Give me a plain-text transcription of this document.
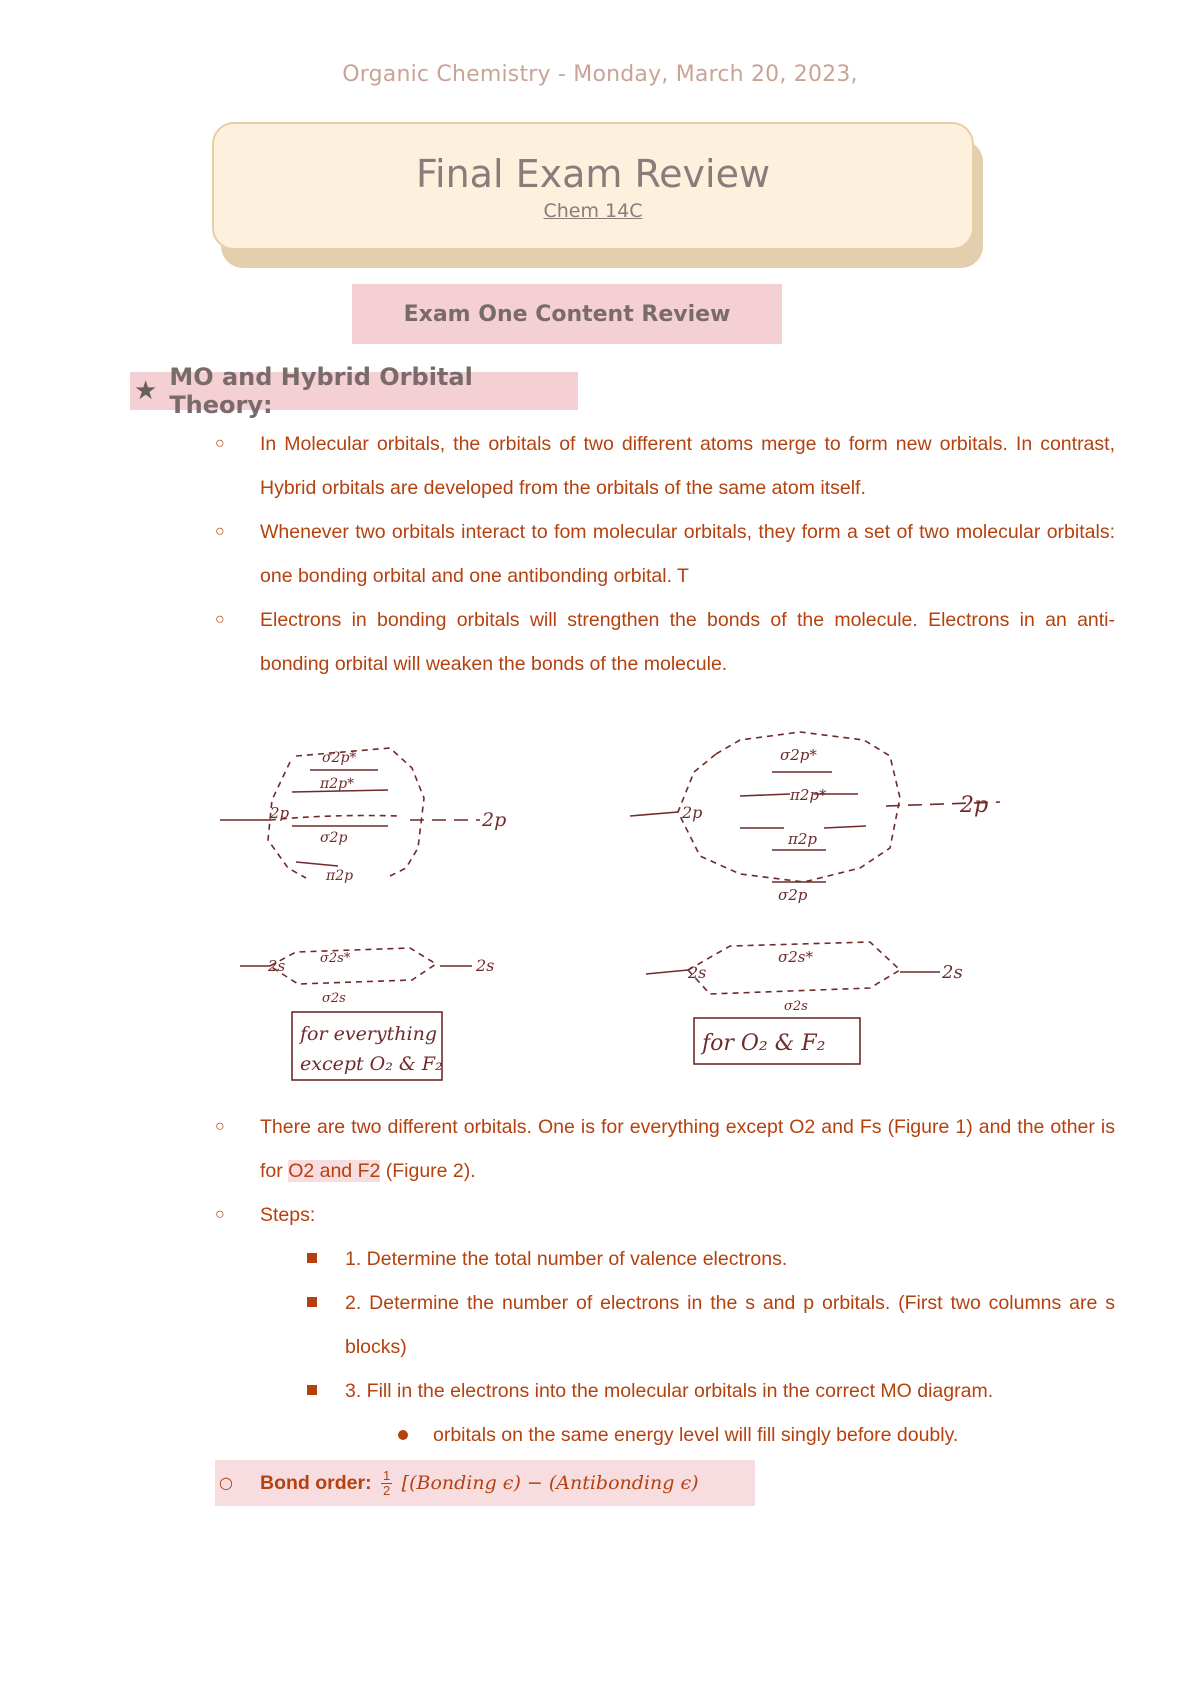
Organic Chemistry - Monday, March 20, 2023,
Final Exam Review
Chem 14C
Exam One Content Review
★ MO and Hybrid Orbital Theory:
○ In Molecular orbitals, the orbitals of two different atoms merge to form new orbitals. In contrast, Hybrid orbitals are developed from the orbitals of the same atom itself.
○ Whenever two orbitals interact to fom molecular orbitals, they form a set of two molecular orbitals: one bonding orbital and one antibonding orbital. T
○ Electrons in bonding orbitals will strengthen the bonds of the molecule. Electrons in an anti-bonding orbital will weaken the bonds of the molecule.
σ2p*
π2p*
σ2p
π2p
2p	2p
σ2s*
σ2s
2s	2s
for everything
except O₂ & F₂
σ2p*
π2p*
π2p
σ2p
2p	2p
σ2s*
σ2s
2s	2s
for O₂ & F₂
○ There are two different orbitals. One is for everything except O2 and Fs (Figure 1) and the other is for O2 and F2 (Figure 2).
○ Steps:
1. Determine the total number of valence electrons.
2. Determine the number of electrons in the s and p orbitals. (First two columns are s blocks)
3. Fill in the electrons into the molecular orbitals in the correct MO diagram.
orbitals on the same energy level will fill singly before doubly.
○ Bond order: $\frac{1}{2}$ [(Bonding ϵ) − (Antibonding ϵ)
